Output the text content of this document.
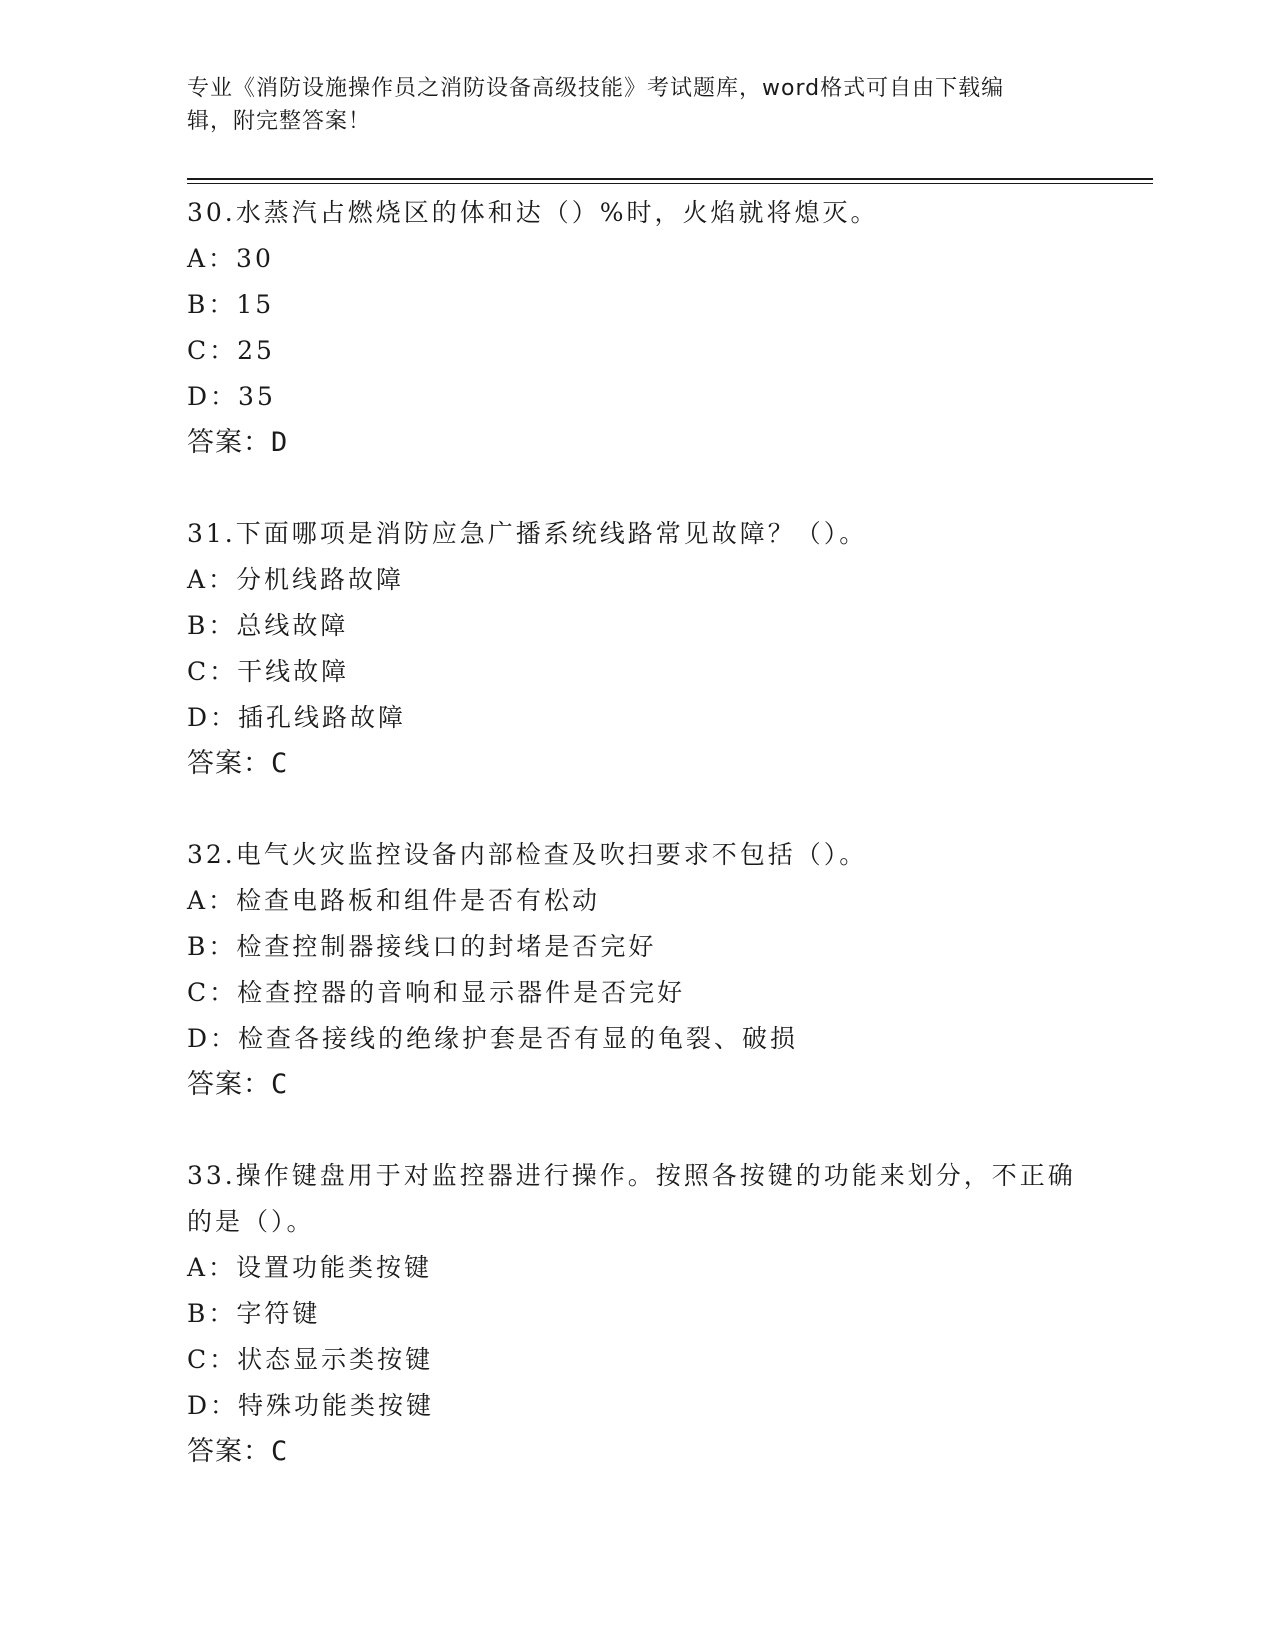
专业《消防设施操作员之消防设备高级技能》考试题库，word格式可自由下载编
辑，附完整答案！
30.水蒸汽占燃烧区的体和达（）%时，火焰就将熄灭。
A：30
B：15
C：25
D：35
答案：D
31.下面哪项是消防应急广播系统线路常见故障？（）。
A：分机线路故障
B：总线故障
C：干线故障
D：插孔线路故障
答案：C
32.电气火灾监控设备内部检查及吹扫要求不包括（）。
A：检查电路板和组件是否有松动
B：检查控制器接线口的封堵是否完好
C：检查控器的音响和显示器件是否完好
D：检查各接线的绝缘护套是否有显的龟裂、破损
答案：C
33.操作键盘用于对监控器进行操作。按照各按键的功能来划分，不正确的是（）。
A：设置功能类按键
B：字符键
C：状态显示类按键
D：特殊功能类按键
答案：C
